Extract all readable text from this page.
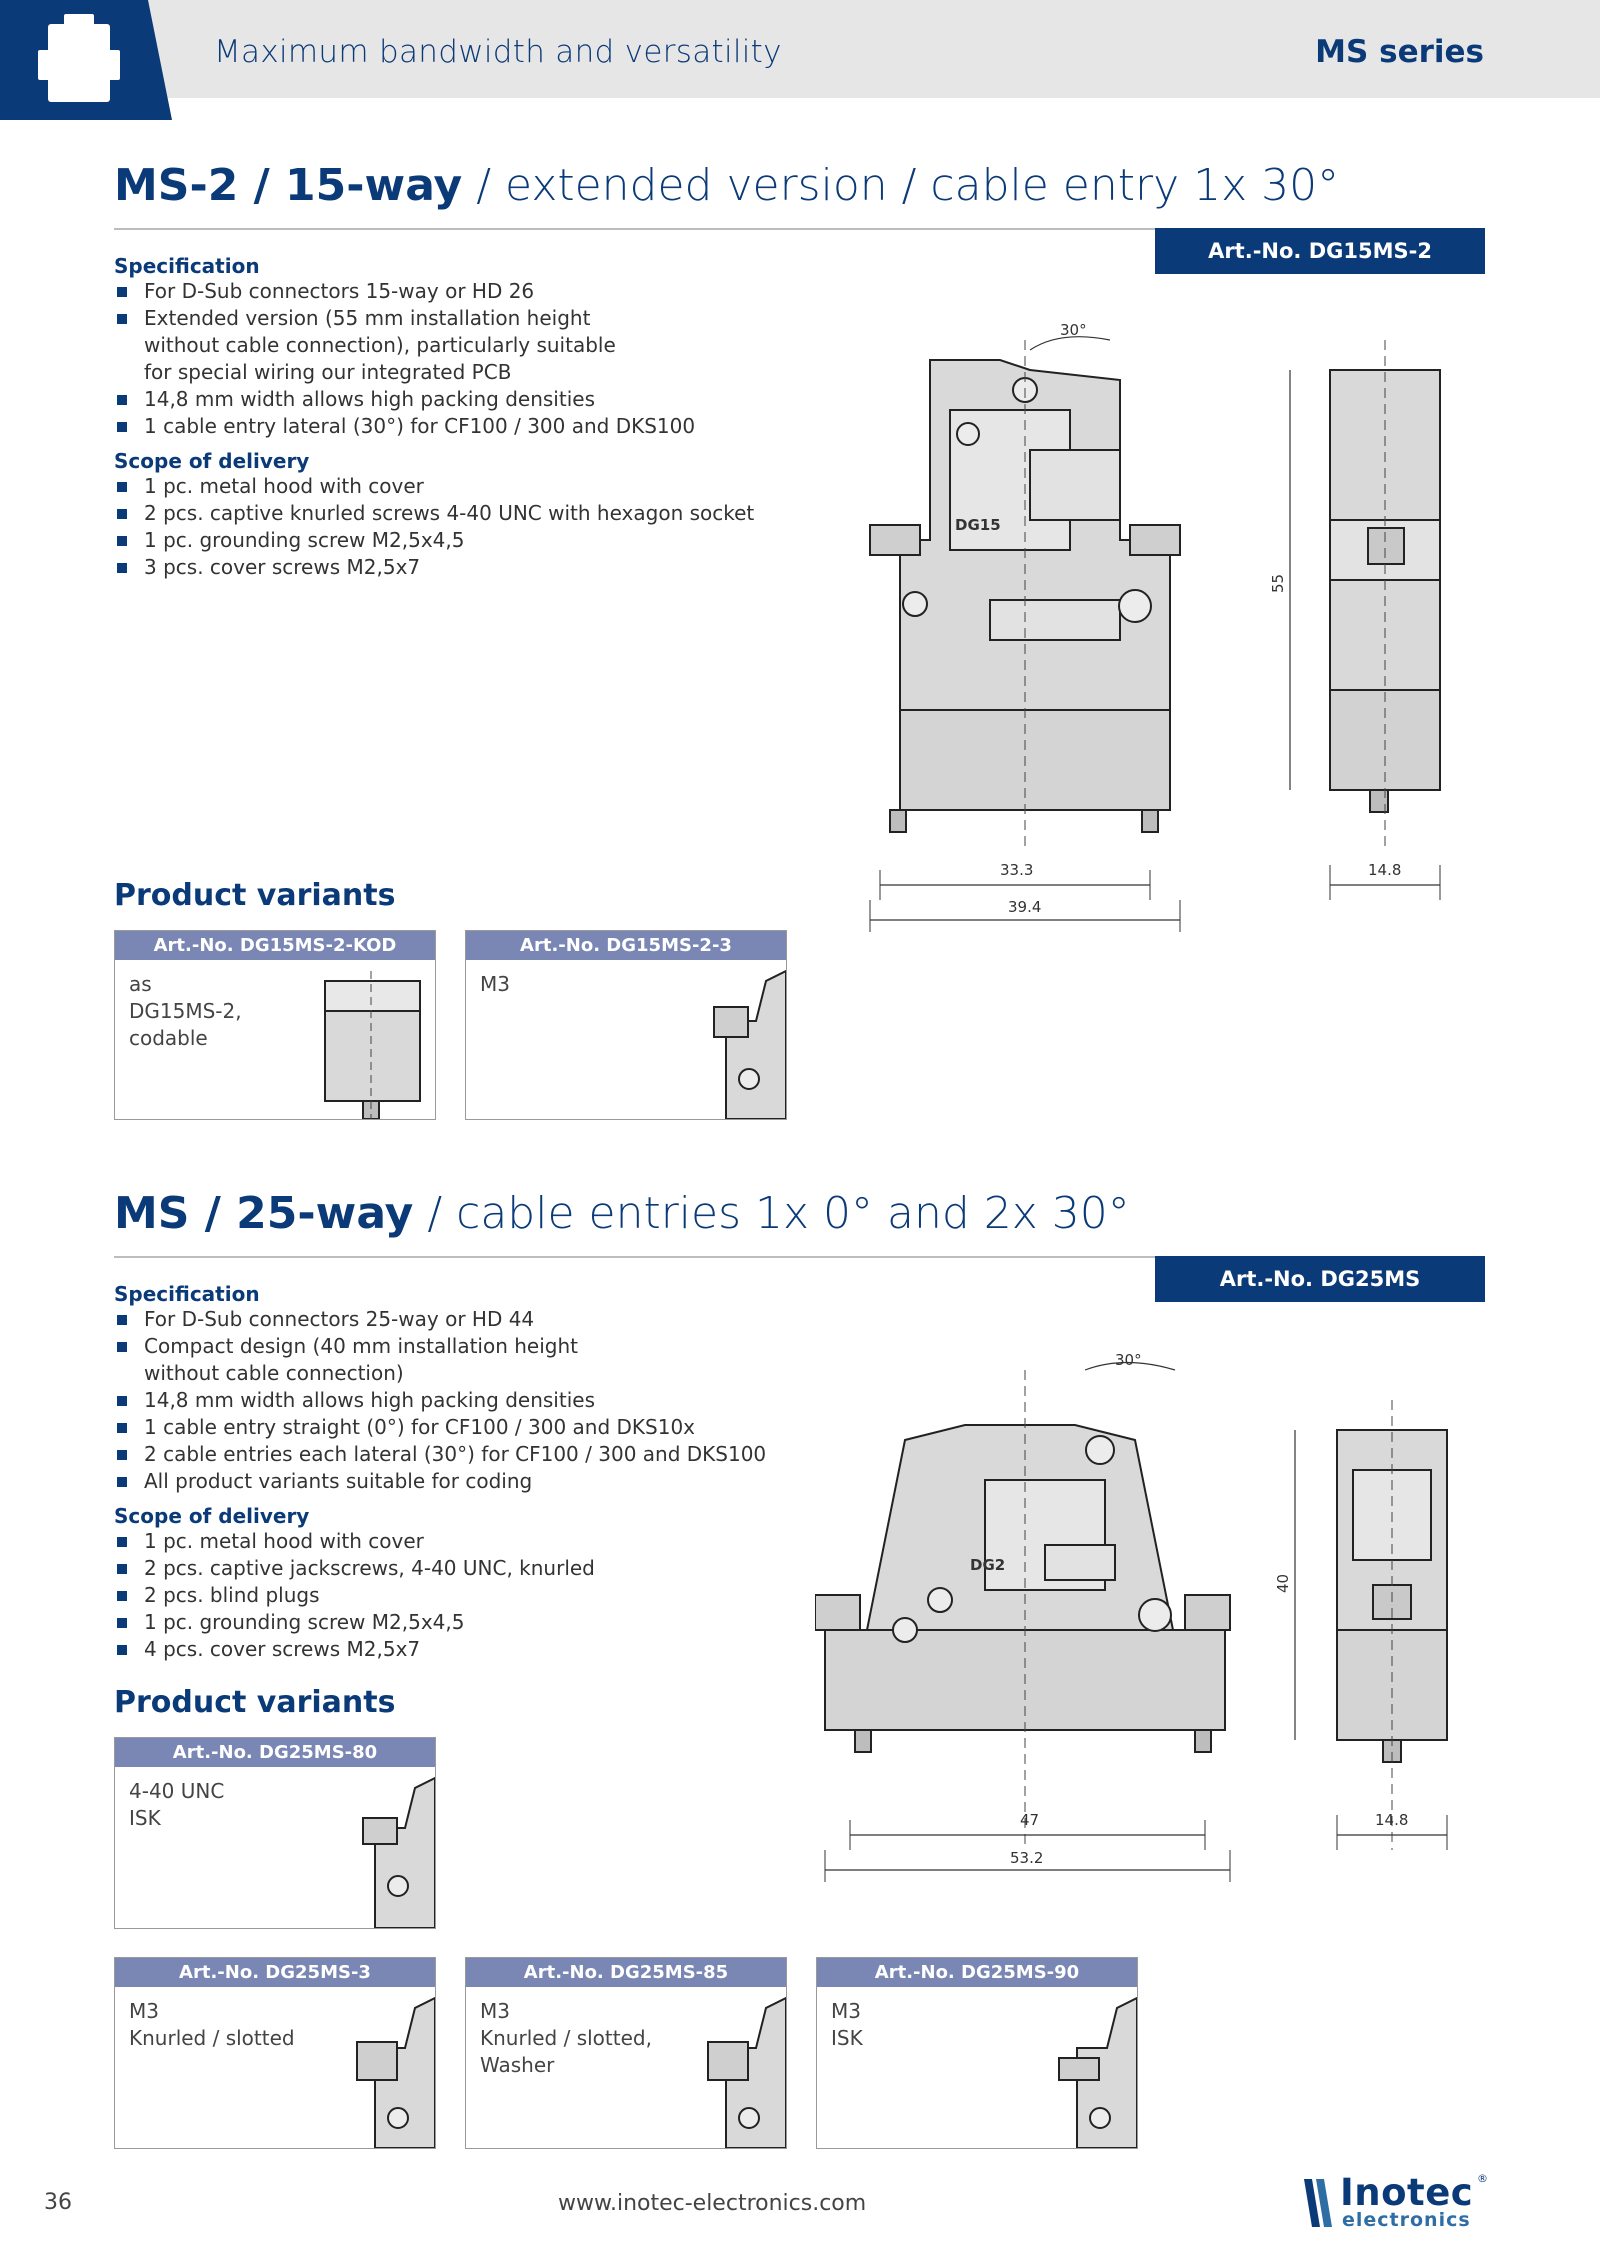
Maximum bandwidth and versatility	MS series
MS-2 / 15-way / extended version / cable entry 1x 30°
Art.-No. DG15MS-2
Specification
For D-Sub connectors 15-way or HD 26
Extended version (55 mm installation height
without cable connection), particularly suitable
for special wiring our integrated PCB
14,8 mm width allows high packing densities
1 cable entry lateral (30°) for CF100 / 300 and DKS100
Scope of delivery
1 pc. metal hood with cover
2 pcs. captive knurled screws 4-40 UNC with hexagon socket
1 pc. grounding screw M2,5x4,5
3 pcs. cover screws M2,5x7
DG15
30°
33.3
39.4
55
14.8
Product variants
Art.-No. DG15MS-2-KOD
as
DG15MS-2,
codable
Art.-No. DG15MS-2-3
M3
MS / 25-way / cable entries 1x 0° and 2x 30°
Art.-No. DG25MS
Specification
For D-Sub connectors 25-way or HD 44
Compact design (40 mm installation height
without cable connection)
14,8 mm width allows high packing densities
1 cable entry straight (0°) for CF100 / 300 and DKS10x
2 cable entries each lateral (30°) for CF100 / 300 and DKS100
All product variants suitable for coding
Scope of delivery
1 pc. metal hood with cover
2 pcs. captive jackscrews, 4-40 UNC, knurled
2 pcs. blind plugs
1 pc. grounding screw M2,5x4,5
4 pcs. cover screws M2,5x7
DG2
30°
47
53.2
40
14.8
Product variants
Art.-No. DG25MS-80
4-40 UNC
ISK
Art.-No. DG25MS-3
M3
Knurled / slotted
Art.-No. DG25MS-85
M3
Knurled / slotted,
Washer
Art.-No. DG25MS-90
M3
ISK
36	www.inotec-electronics.com	Inotec
electronics
®
